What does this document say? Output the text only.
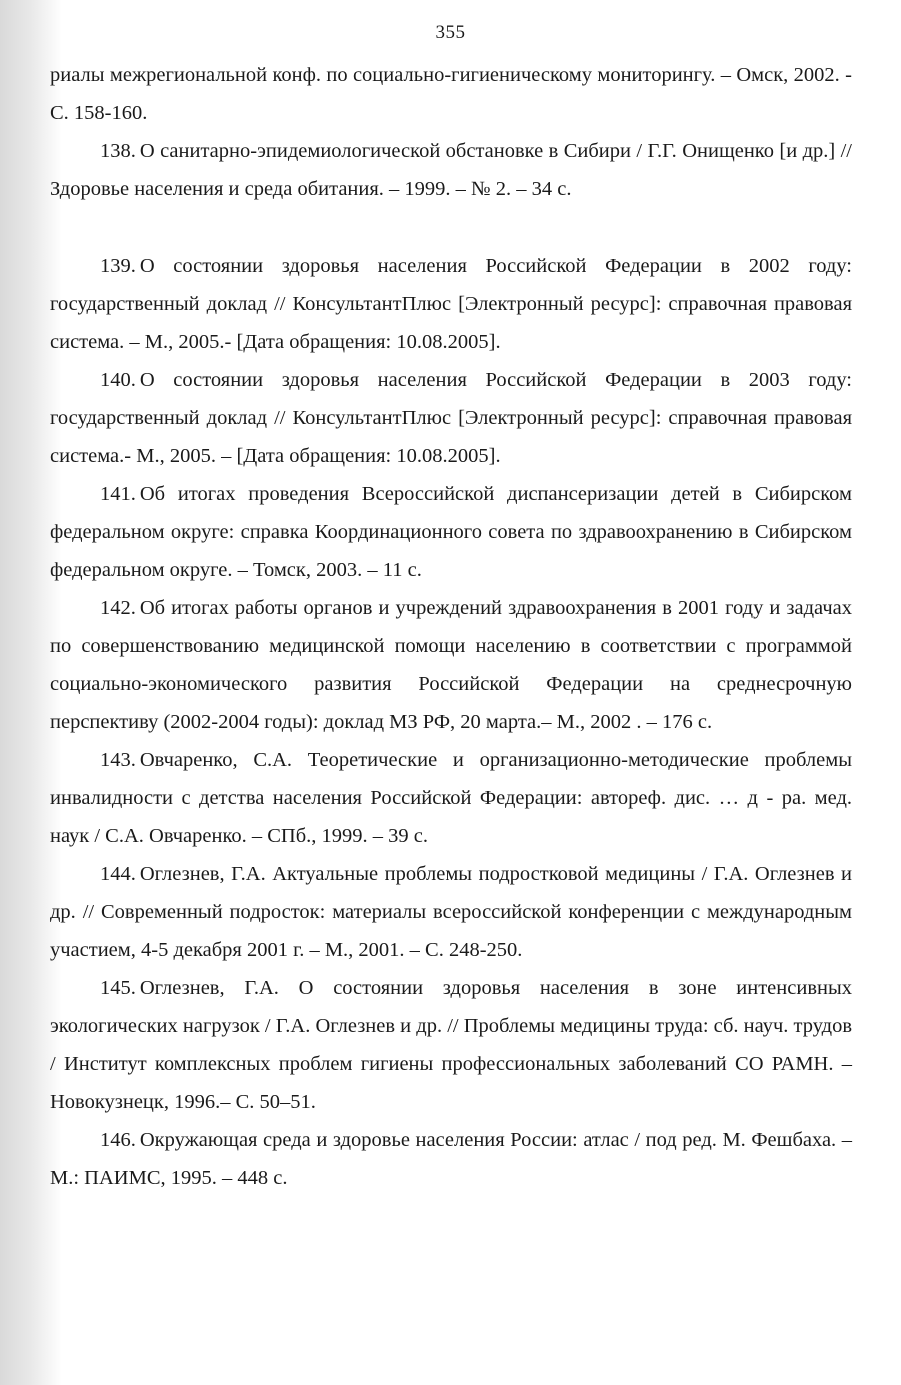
355

риалы межрегиональной конф. по социально-гигиеническому мониторингу. – Омск, 2002. - С. 158-160.

138. О санитарно-эпидемиологической обстановке в Сибири / Г.Г. Онищенко [и др.] // Здоровье населения и среда обитания. – 1999. – № 2. – 34 с.

139. О состоянии здоровья населения Российской Федерации в 2002 году: государственный доклад // КонсультантПлюс [Электронный ресурс]: справочная правовая система. – М., 2005.- [Дата обращения: 10.08.2005].

140. О состоянии здоровья населения Российской Федерации в 2003 году: государственный доклад // КонсультантПлюс [Электронный ресурс]: справочная правовая система.- М., 2005. – [Дата обращения: 10.08.2005].

141. Об итогах проведения Всероссийской диспансеризации детей в Сибирском федеральном округе: справка Координационного совета по здравоохранению в Сибирском федеральном округе. – Томск, 2003. – 11 с.

142. Об итогах работы органов и учреждений здравоохранения в 2001 году и задачах по совершенствованию медицинской помощи населению в соответствии с программой социально-экономического развития Российской Федерации на среднесрочную перспективу (2002-2004 годы): доклад МЗ РФ, 20 марта.– М., 2002 . – 176 с.

143. Овчаренко, С.А. Теоретические и организационно-методические проблемы инвалидности с детства населения Российской Федерации: автореф. дис. … д - ра. мед. наук / С.А. Овчаренко. – СПб., 1999. – 39 с.

144. Оглезнев, Г.А. Актуальные проблемы подростковой медицины / Г.А. Оглезнев и др. // Современный подросток: материалы всероссийской конференции с международным участием, 4-5 декабря 2001 г. – М., 2001. – С. 248-250.

145. Оглезнев, Г.А. О состоянии здоровья населения в зоне интенсивных экологических нагрузок / Г.А. Оглезнев и др. // Проблемы медицины труда: сб. науч. трудов / Институт комплексных проблем гигиены профессиональных заболеваний СО РАМН. – Новокузнецк, 1996.– С. 50–51.

146. Окружающая среда и здоровье населения России: атлас / под ред. М. Фешбаха. – М.: ПАИМС, 1995. – 448 с.
